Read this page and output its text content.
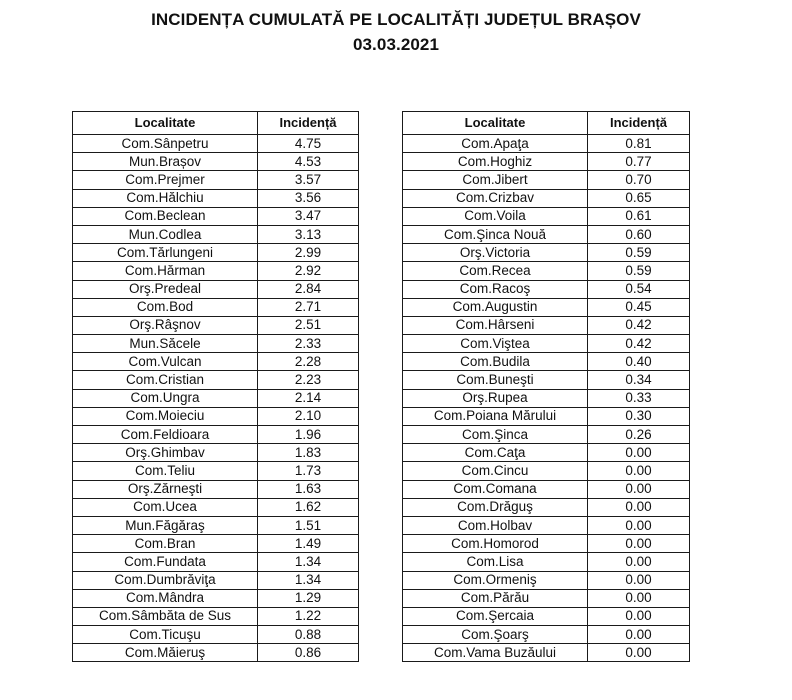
INCIDENȚA CUMULATĂ PE LOCALITĂȚI JUDEȚUL BRAȘOV
03.03.2021
Localitate	Incidență
Com.Sânpetru	4.75
Mun.Brașov	4.53
Com.Prejmer	3.57
Com.Hălchiu	3.56
Com.Beclean	3.47
Mun.Codlea	3.13
Com.Tărlungeni	2.99
Com.Hărman	2.92
Orş.Predeal	2.84
Com.Bod	2.71
Orş.Râşnov	2.51
Mun.Săcele	2.33
Com.Vulcan	2.28
Com.Cristian	2.23
Com.Ungra	2.14
Com.Moieciu	2.10
Com.Feldioara	1.96
Orş.Ghimbav	1.83
Com.Teliu	1.73
Orş.Zărneşti	1.63
Com.Ucea	1.62
Mun.Făgăraş	1.51
Com.Bran	1.49
Com.Fundata	1.34
Com.Dumbrăviţa	1.34
Com.Mândra	1.29
Com.Sâmbăta de Sus	1.22
Com.Ticuşu	0.88
Com.Măieruş	0.86
Localitate	Incidență
Com.Apaţa	0.81
Com.Hoghiz	0.77
Com.Jibert	0.70
Com.Crizbav	0.65
Com.Voila	0.61
Com.Şinca Nouă	0.60
Orş.Victoria	0.59
Com.Recea	0.59
Com.Racoş	0.54
Com.Augustin	0.45
Com.Hârseni	0.42
Com.Viştea	0.42
Com.Budila	0.40
Com.Buneşti	0.34
Orş.Rupea	0.33
Com.Poiana Mărului	0.30
Com.Şinca	0.26
Com.Caţa	0.00
Com.Cincu	0.00
Com.Comana	0.00
Com.Drăguş	0.00
Com.Holbav	0.00
Com.Homorod	0.00
Com.Lisa	0.00
Com.Ormeniş	0.00
Com.Părău	0.00
Com.Şercaia	0.00
Com.Şoarş	0.00
Com.Vama Buzăului	0.00
